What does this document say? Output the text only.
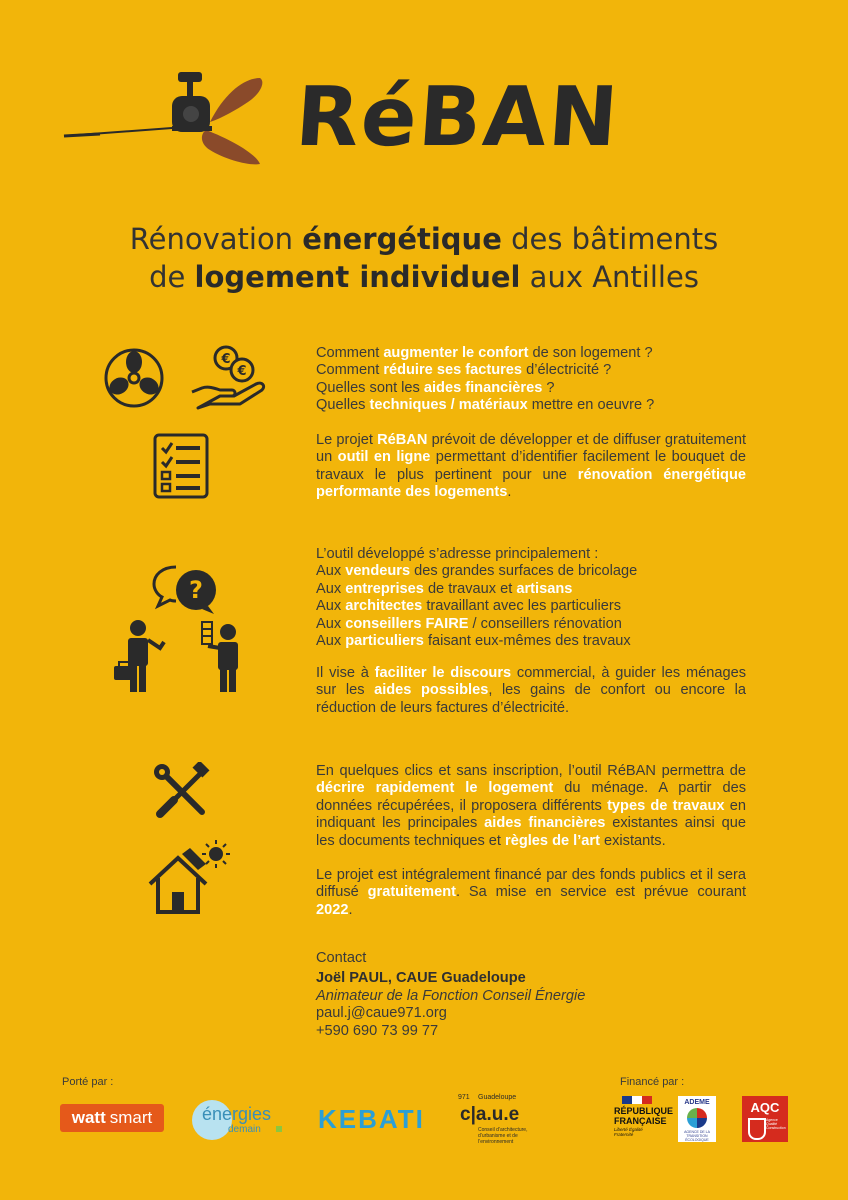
RéBAN
Rénovation énergétique des bâtiments
de logement individuel aux Antilles
€
€
?
Comment augmenter le confort de son logement ?
Comment réduire ses factures d’électricité ?
Quelles sont les aides financières ?
Quelles techniques / matériaux mettre en oeuvre ?
Le projet RéBAN prévoit de développer et de diffuser gratuitement un outil en ligne permettant d’identifier facilement le bouquet de travaux le plus pertinent pour une rénovation énergétique performante des logements.
L’outil développé s’adresse principalement :
Aux vendeurs des grandes surfaces de bricolage
Aux entreprises de travaux et artisans
Aux architectes travaillant avec les particuliers
Aux conseillers FAIRE / conseillers rénovation
Aux particuliers faisant eux-mêmes des travaux
Il vise à faciliter le discours commercial, à guider les ménages sur les aides possibles, les gains de confort ou encore la réduction de leurs factures d’électricité.
En quelques clics et sans inscription, l’outil RéBAN permettra de décrire rapidement le logement du ménage. A partir des données récupérées, il proposera différents types de travaux en indiquant les principales aides financières existantes ainsi que les documents techniques et règles de l’art existants.
Le projet est intégralement financé par des fonds publics et il sera diffusé gratuitement. Sa mise en service est prévue courant 2022.
Contact
Joël PAUL, CAUE Guadeloupe
Animateur de la Fonction Conseil Énergie
paul.j@caue971.org
+590 690 73 99 77
Porté par :	Financé par :
watt smart	énergies
demain KEBATI
971 Guadeloupe
c|a.u.e
Conseil d’architecture, d’urbanisme et de l’environnement
RÉPUBLIQUE
FRANÇAISE
Liberté Égalité Fraternité
ADEME
AGENCE DE LA TRANSITION ÉCOLOGIQUE
AQC
Agence Qualité Construction
